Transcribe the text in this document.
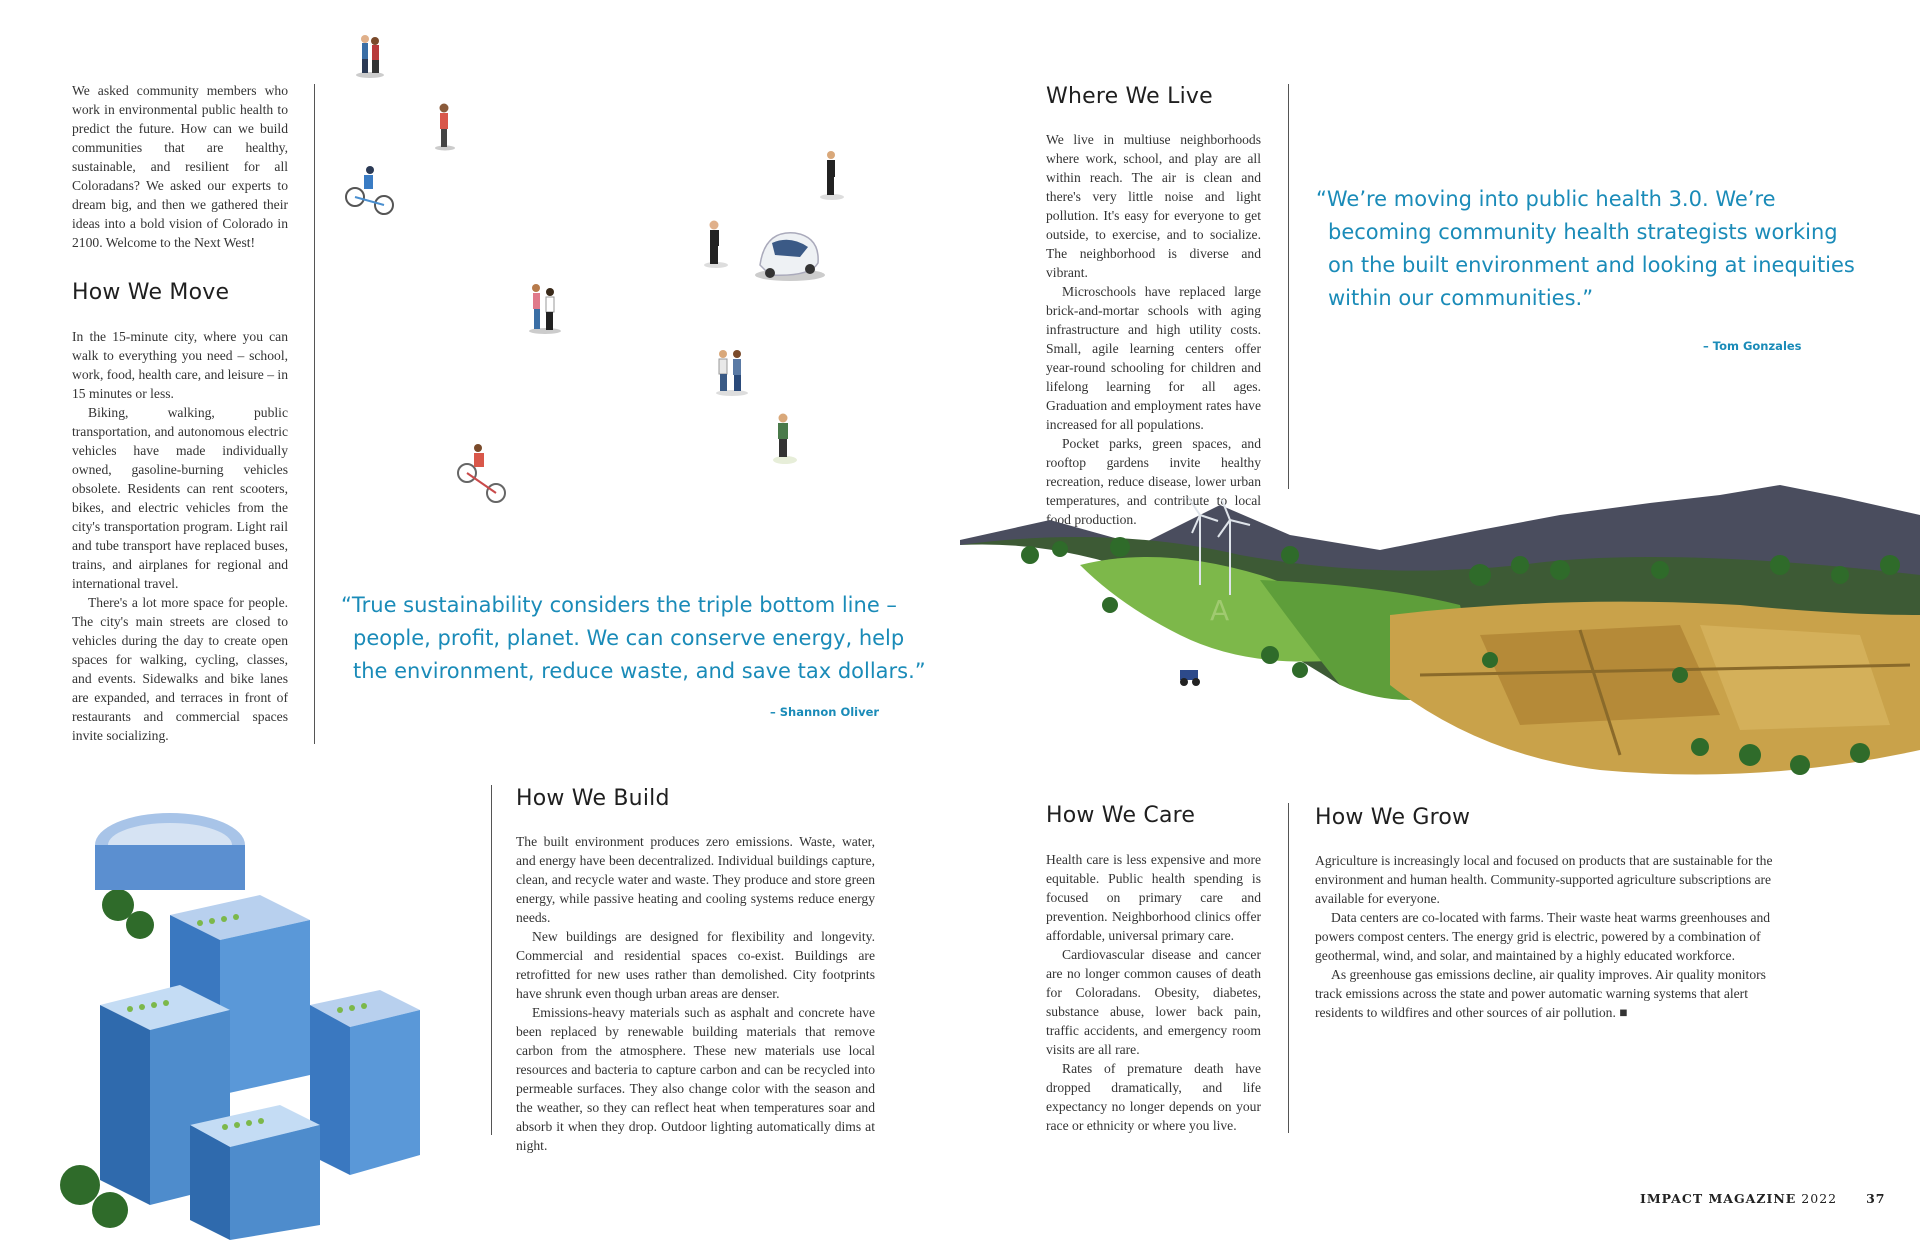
We asked community members who work in environmental public health to predict the future. How can we build communities that are healthy, sustainable, and resilient for all Coloradans? We asked our experts to dream big, and then we gathered their ideas into a bold vision of Colorado in 2100. Welcome to the Next West!

How We Move

In the 15-minute city, where you can walk to everything you need – school, work, food, health care, and leisure – in 15 minutes or less.

Biking, walking, public transportation, and autonomous electric vehicles have made individually owned, gasoline-burning vehicles obsolete. Residents can rent scooters, bikes, and electric vehicles from the city's transportation program. Light rail and tube transport have replaced buses, trains, and airplanes for regional and international travel.

There's a lot more space for people. The city's main streets are closed to vehicles during the day to create open spaces for walking, cycling, classes, and events. Sidewalks and bike lanes are expanded, and terraces in front of restaurants and commercial spaces invite socializing.

“True sustainability considers the triple bottom line –
people, profit, planet. We can conserve energy, help
the environment, reduce waste, and save tax dollars.”
– Shannon Oliver
Where We Live

We live in multiuse neighborhoods where work, school, and play are all within reach. The air is clean and there's very little noise and light pollution. It's easy for everyone to get outside, to exercise, and to socialize. The neighborhood is diverse and vibrant.

Microschools have replaced large brick-and-mortar schools with aging infrastructure and high utility costs. Small, agile learning centers offer year-round schooling for children and lifelong learning for all ages. Graduation and employment rates have increased for all populations.

Pocket parks, green spaces, and rooftop gardens invite healthy recreation, reduce disease, lower urban temperatures, and contribute to local food production.

“We’re moving into public health 3.0. We’re
becoming community health strategists working
on the built environment and looking at inequities
within our communities.”
– Tom Gonzales
A
How We Build

The built environment produces zero emissions. Waste, water, and energy have been decentralized. Individual buildings capture, clean, and recycle water and waste. They produce and store green energy, while passive heating and cooling systems reduce energy needs.

New buildings are designed for flexibility and longevity. Commercial and residential spaces co-exist. Buildings are retrofitted for new uses rather than demolished. City footprints have shrunk even though urban areas are denser.

Emissions-heavy materials such as asphalt and concrete have been replaced by renewable building materials that remove carbon from the atmosphere. These new materials use local resources and bacteria to capture carbon and can be recycled into permeable surfaces. They also change color with the season and the weather, so they can reflect heat when temperatures soar and absorb it when they drop. Outdoor lighting automatically dims at night.

How We Care

Health care is less expensive and more equitable. Public health spending is focused on primary care and prevention. Neighborhood clinics offer affordable, universal primary care.

Cardiovascular disease and cancer are no longer common causes of death for Coloradans. Obesity, diabetes, substance abuse, lower back pain, traffic accidents, and emergency room visits are all rare.

Rates of premature death have dropped dramatically, and life expectancy no longer depends on your race or ethnicity or where you live.

How We Grow

Agriculture is increasingly local and focused on products that are sustainable for the environment and human health. Community-supported agriculture subscriptions are available for everyone.

Data centers are co-located with farms. Their waste heat warms greenhouses and powers compost centers. The energy grid is electric, powered by a combination of geothermal, wind, and solar, and maintained by a highly educated workforce.

As greenhouse gas emissions decline, air quality improves. Air quality monitors track emissions across the state and power automatic warning systems that alert residents to wildfires and other sources of air pollution. ■

IMPACT MAGAZINE 2022 37
